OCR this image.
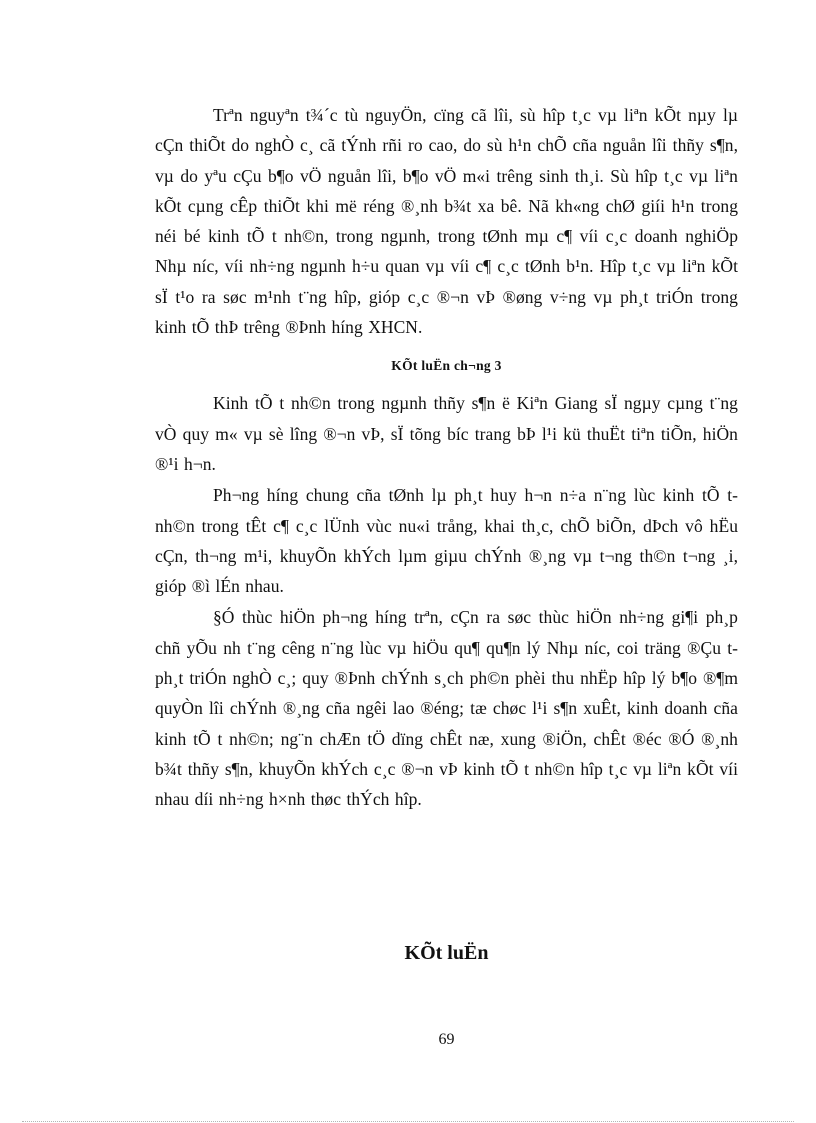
Trªn nguyªn t¾´c tù nguyÖn, cïng cã lîi, sù hîp t¸c vµ liªn kÕt nµy lµ cÇn thiÕt do nghÒ c¸ cã tÝnh rñi ro cao, do sù h¹n chÕ cña nguån lîi thñy s¶n, vµ do yªu cÇu b¶o vÖ nguån lîi, b¶o vÖ m«i trêng sinh th¸i. Sù hîp t¸c vµ liªn kÕt cµng cÊp thiÕt khi më réng ®¸nh b¾t xa bê. Nã kh«ng chØ giíi h¹n trong néi bé kinh tÕ t nh©n, trong ngµnh, trong tØnh mµ c¶ víi c¸c doanh nghiÖp Nhµ níc, víi nh÷ng ngµnh h÷u quan vµ víi c¶ c¸c tØnh b¹n. Hîp t¸c vµ liªn kÕt sÏ t¹o ra søc m¹nh t¨ng hîp, gióp c¸c ®¬n vÞ ®øng v÷ng vµ ph¸t triÓn trong kinh tÕ thÞ trêng ®Þnh híng XHCN.

KÕt luËn ch¬ng 3

Kinh tÕ t nh©n trong ngµnh thñy s¶n ë Kiªn Giang sÏ ngµy cµng t¨ng vÒ quy m« vµ sè lîng ®¬n vÞ, sÏ tõng bíc trang bÞ l¹i kü thuËt tiªn tiÕn, hiÖn ®¹i h¬n.

Ph¬ng híng chung cña tØnh lµ ph¸t huy h¬n n÷a n¨ng lùc kinh tÕ t nh©n trong tÊt c¶ c¸c lÜnh vùc nu«i trång, khai th¸c, chÕ biÕn, dÞch vô hËu cÇn, th¬ng m¹i, khuyÕn khÝch lµm giµu chÝnh ®¸ng vµ t¬ng th©n t¬ng ¸i, gióp ®ì lÉn nhau.

§Ó thùc hiÖn ph¬ng híng trªn, cÇn ra søc thùc hiÖn nh÷ng gi¶i ph¸p chñ yÕu nh t¨ng cêng n¨ng lùc vµ hiÖu qu¶ qu¶n lý Nhµ níc, coi träng ®Çu t ph¸t triÓn nghÒ c¸; quy ®Þnh chÝnh s¸ch ph©n phèi thu nhËp hîp lý b¶o ®¶m quyÒn lîi chÝnh ®¸ng cña ngêi lao ®éng; tæ chøc l¹i s¶n xuÊt, kinh doanh cña kinh tÕ t nh©n; ng¨n chÆn tÖ dïng chÊt næ, xung ®iÖn, chÊt ®éc ®Ó ®¸nh b¾t thñy s¶n, khuyÕn khÝch c¸c ®¬n vÞ kinh tÕ t nh©n hîp t¸c vµ liªn kÕt víi nhau díi nh÷ng h×nh thøc thÝch hîp.

KÕt luËn
69
